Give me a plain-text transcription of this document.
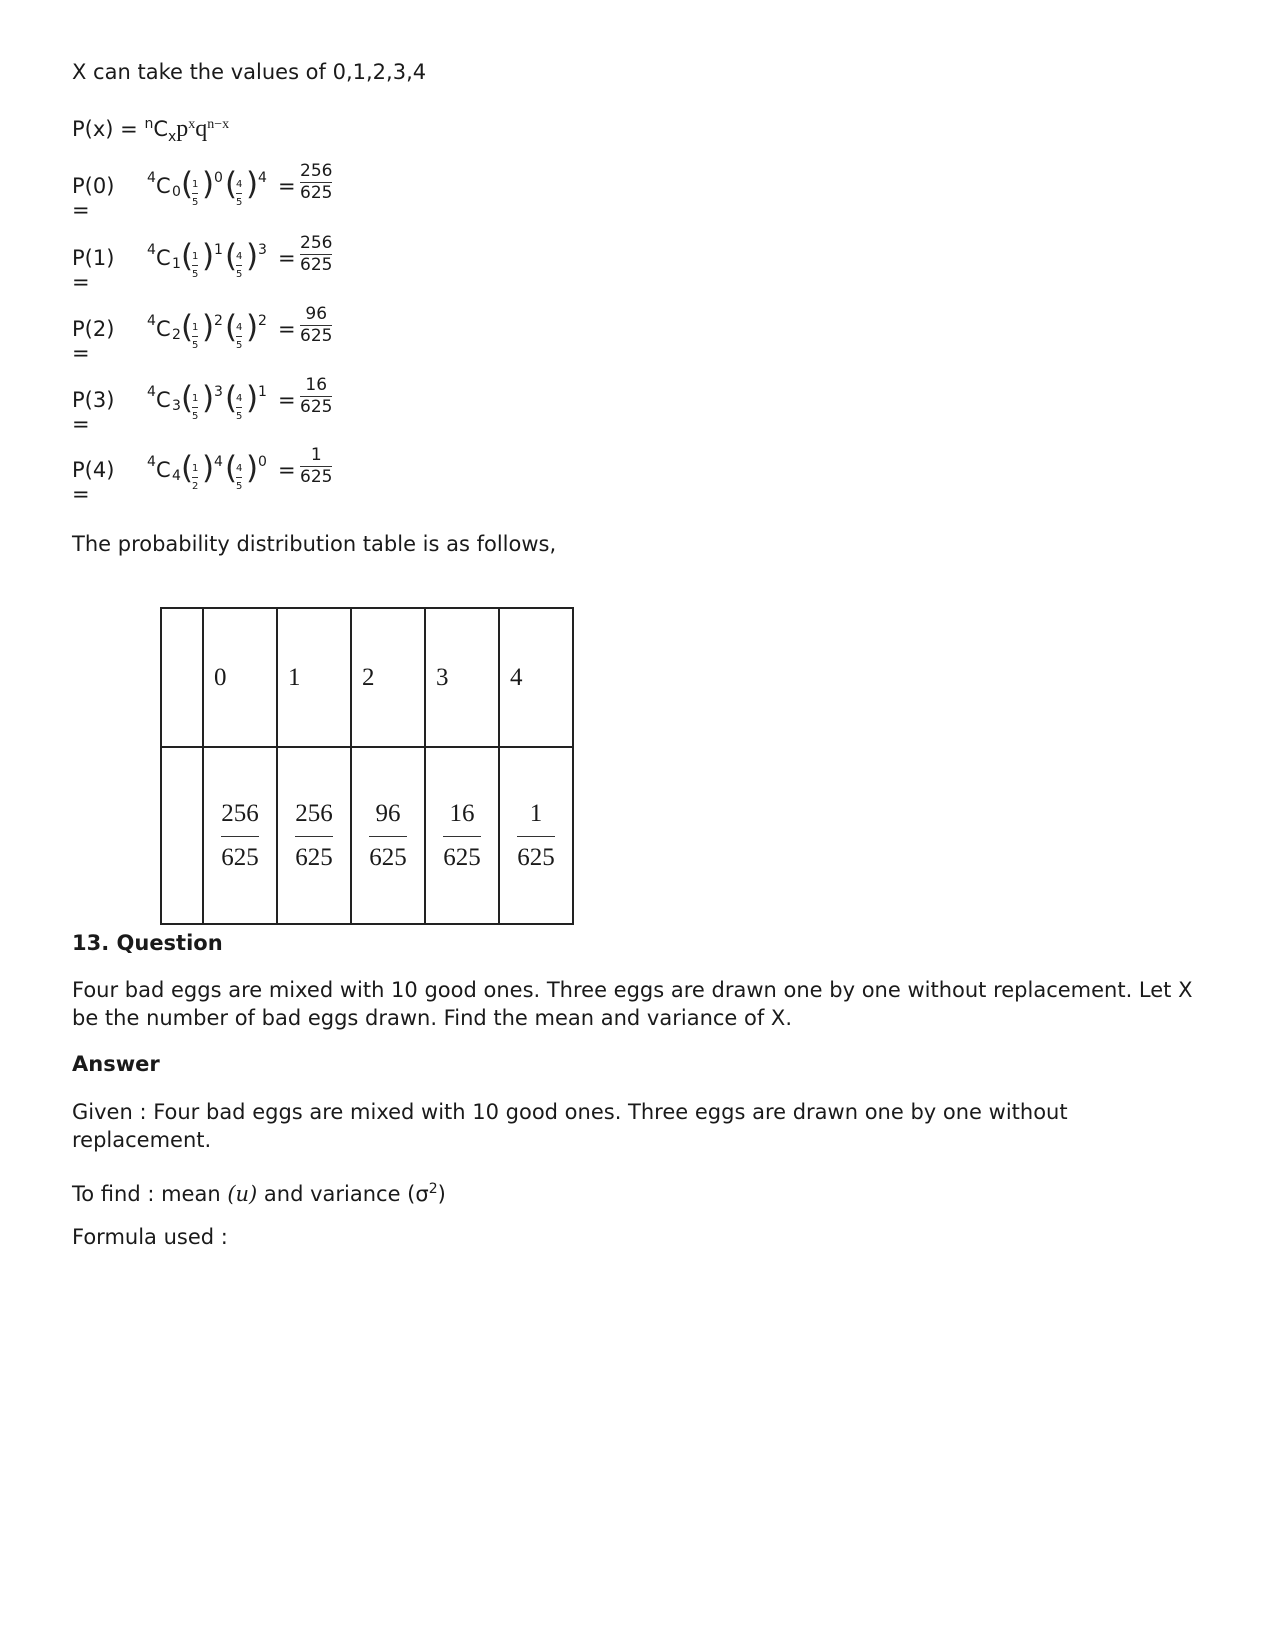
X can take the values of 0,1,2,3,4
$P(x) = ^nC_xp^xq^{n-x}$
P(0) =
4 C 0 (
1
5
) 0 (
4
5
) 4 =
256
625
P(1) =
4 C 1 (
1
5
) 1 (
4
5
) 3 =
256
625
P(2) =
4 C 2 (
1
5
) 2 (
4
5
) 2 =
96
625
P(3) =
4 C 3 (
1
5
) 3 (
4
5
) 1 =
16
625
P(4) =
4 C 4 (
1
2
) 4 (
4
5
) 0 =
1
625
The probability distribution table is as follows,
	0	1	2	3	4

	$\frac{256}{625}$	$\frac{256}{625}$	$\frac{96}{625}$	$\frac{16}{625}$	$\frac{1}{625}$
13. Question
Four bad eggs are mixed with 10 good ones. Three eggs are drawn one by one without replacement. Let X be the number of bad eggs drawn. Find the mean and variance of X.
Answer
Given : Four bad eggs are mixed with 10 good ones. Three eggs are drawn one by one without replacement.
To find : mean (u) and variance $(\sigma^2)$
Formula used :
